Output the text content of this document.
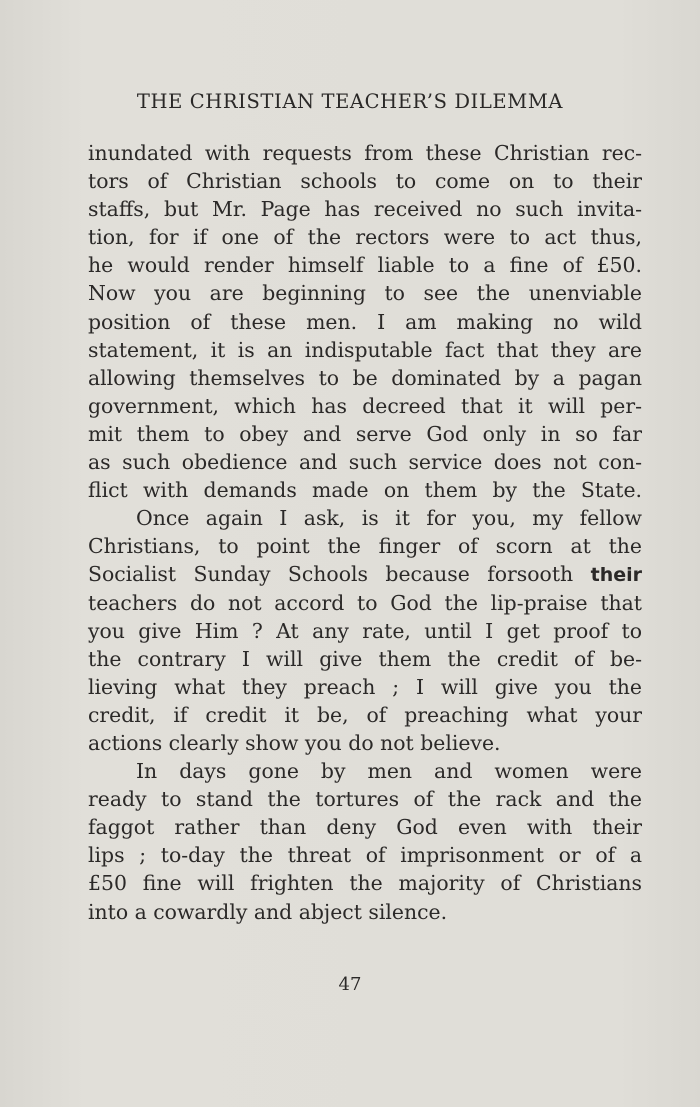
THE CHRISTIAN TEACHER’S DILEMMA
inundated with requests from these Christian rec-
tors of Christian schools to come on to their
staffs, but Mr. Page has received no such invita-
tion, for if one of the rectors were to act thus,
he would render himself liable to a fine of £50.
Now you are beginning to see the unenviable
position of these men. I am making no wild
statement, it is an indisputable fact that they are
allowing themselves to be dominated by a pagan
government, which has decreed that it will per-
mit them to obey and serve God only in so far
as such obedience and such service does not con-
flict with demands made on them by the State.
Once again I ask, is it for you, my fellow
Christians, to point the finger of scorn at the
Socialist Sunday Schools because forsooth their
teachers do not accord to God the lip-praise that
you give Him ? At any rate, until I get proof to
the contrary I will give them the credit of be-
lieving what they preach ; I will give you the
credit, if credit it be, of preaching what your
actions clearly show you do not believe.
In days gone by men and women were
ready to stand the tortures of the rack and the
faggot rather than deny God even with their
lips ; to-day the threat of imprisonment or of a
£50 fine will frighten the majority of Christians
into a cowardly and abject silence.
47
